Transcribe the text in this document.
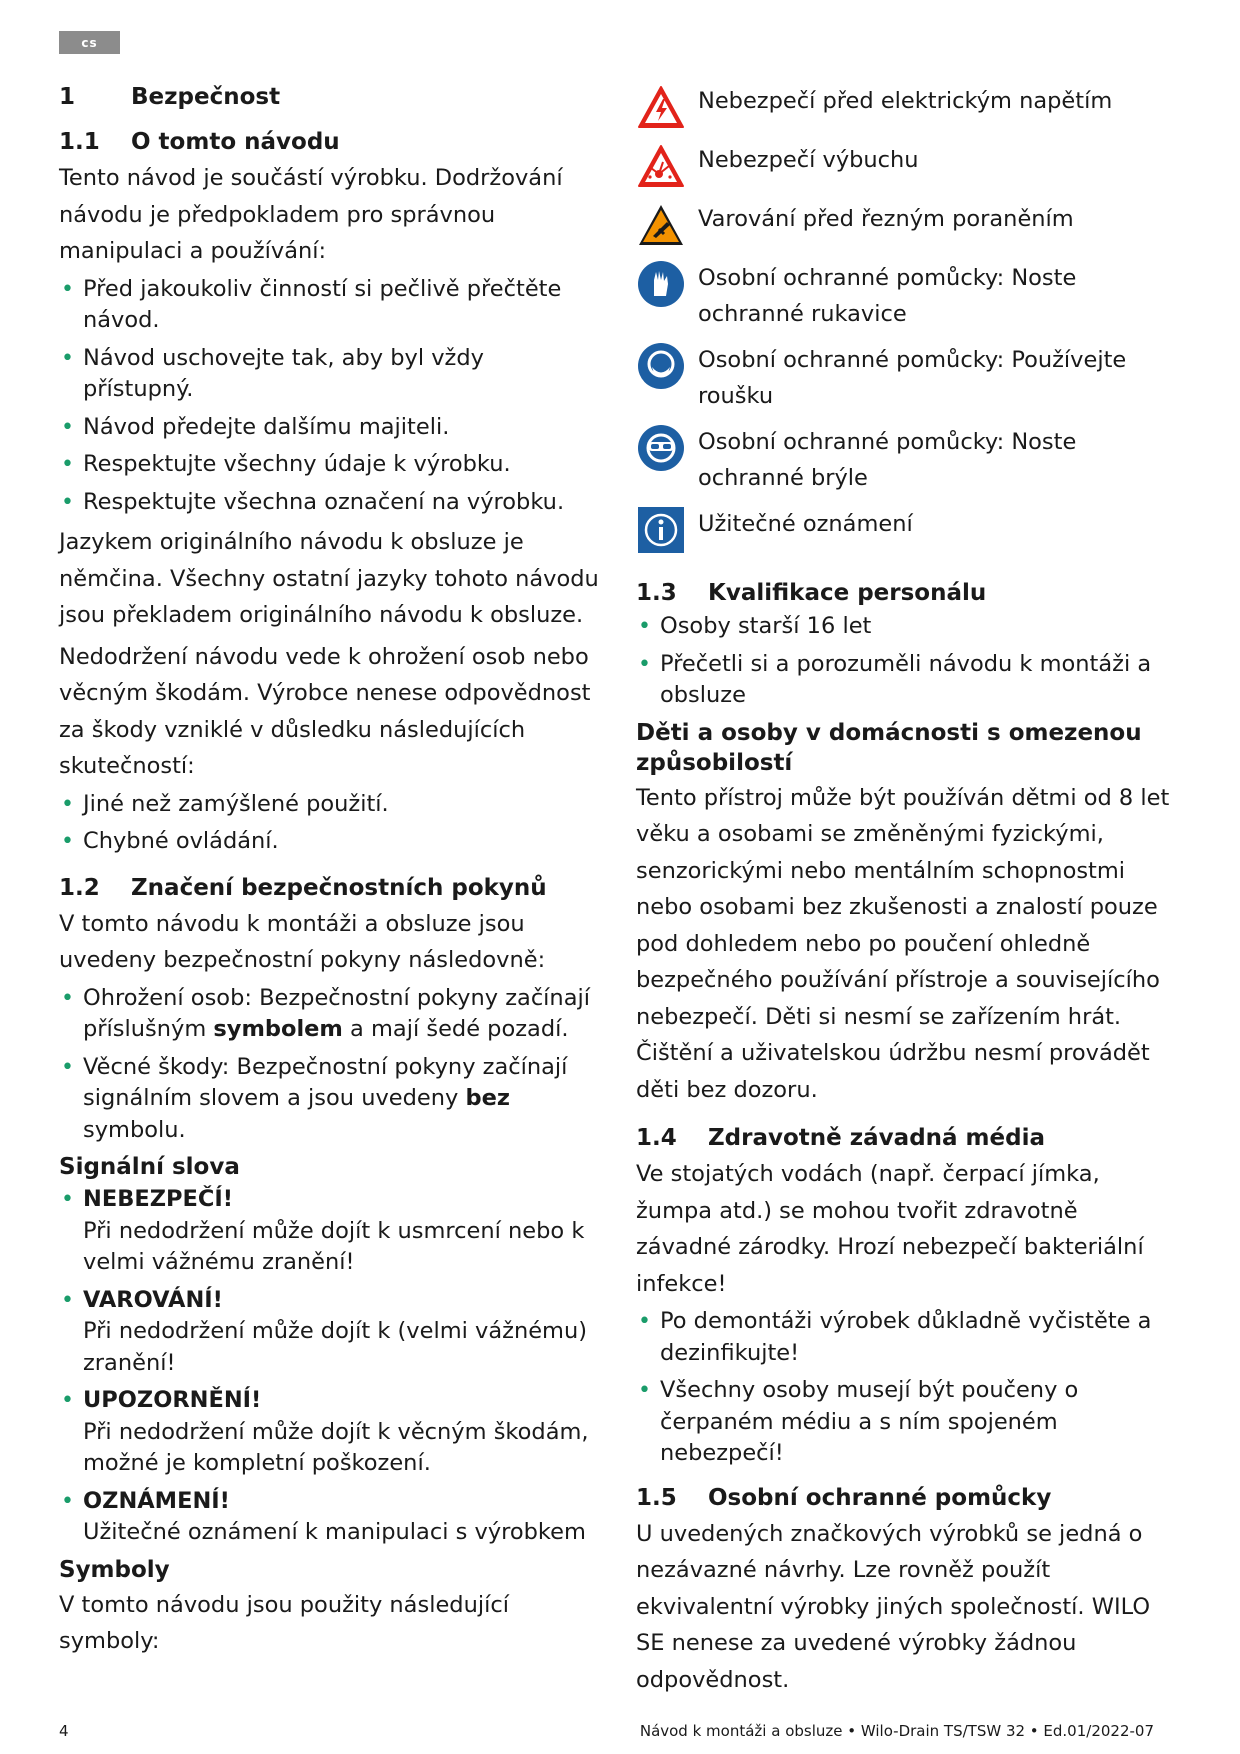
cs
1	Bezpečnost
1.1	O tomto návodu

Tento návod je součástí výrobku. Dodržování návodu je předpokladem pro správnou manipulaci a používání:

• Před jakoukoliv činností si pečlivě přečtěte návod.
• Návod uschovejte tak, aby byl vždy přístupný.
• Návod předejte dalšímu majiteli.
• Respektujte všechny údaje k výrobku.
• Respektujte všechna označení na výrobku.

Jazykem originálního návodu k obsluze je němčina. Všechny ostatní jazyky tohoto návodu jsou překladem originálního návodu k obsluze.

Nedodržení návodu vede k ohrožení osob nebo věcným škodám. Výrobce nenese odpovědnost za škody vzniklé v důsledku následujících skutečností:

• Jiné než zamýšlené použití.
• Chybné ovládání.
1.2	Značení bezpečnostních pokynů

V tomto návodu k montáži a obsluze jsou uvedeny bezpečnostní pokyny následovně:

• Ohrožení osob: Bezpečnostní pokyny začínají příslušným symbolem a mají šedé pozadí.
• Věcné škody: Bezpečnostní pokyny začínají signálním slovem a jsou uvedeny bez symbolu.
Signální slova
• NEBEZPEČÍ!
Při nedodržení může dojít k usmrcení nebo k velmi vážnému zranění!
• VAROVÁNÍ!
Při nedodržení může dojít k (velmi vážnému) zranění!
• UPOZORNĚNÍ!
Při nedodržení může dojít k věcným škodám, možné je kompletní poškození.
• OZNÁMENÍ!
Užitečné oznámení k manipulaci s výrobkem
Symboly

V tomto návodu jsou použity následující symboly:

Nebezpečí před elektrickým napětím
Nebezpečí výbuchu
Varování před řezným poraněním
Osobní ochranné pomůcky: Noste ochranné rukavice
Osobní ochranné pomůcky: Používejte roušku
Osobní ochranné pomůcky: Noste ochranné brýle
Užitečné oznámení
1.3	Kvalifikace personálu
• Osoby starší 16 let
• Přečetli si a porozuměli návodu k montáži a obsluze
Děti a osoby v domácnosti s omezenou způsobilostí

Tento přístroj může být používán dětmi od 8 let věku a osobami se změněnými fyzickými, senzorickými nebo mentálním schopnostmi nebo osobami bez zkušenosti a znalostí pouze pod dohledem nebo po poučení ohledně bezpečného používání přístroje a souvisejícího nebezpečí. Děti si nesmí se zařízením hrát. Čištění a uživatelskou údržbu nesmí provádět děti bez dozoru.

1.4	Zdravotně závadná média

Ve stojatých vodách (např. čerpací jímka, žumpa atd.) se mohou tvořit zdravotně závadné zárodky. Hrozí nebezpečí bakteriální infekce!

• Po demontáži výrobek důkladně vyčistěte a dezinfikujte!
• Všechny osoby musejí být poučeny o čerpaném médiu a s ním spojeném nebezpečí!
1.5	Osobní ochranné pomůcky

U uvedených značkových výrobků se jedná o nezávazné návrhy. Lze rovněž použít ekvivalentní výrobky jiných společností. WILO SE nenese za uvedené výrobky žádnou odpovědnost.

4	Návod k montáži a obsluze • Wilo-Drain TS/TSW 32 • Ed.01/2022-07
